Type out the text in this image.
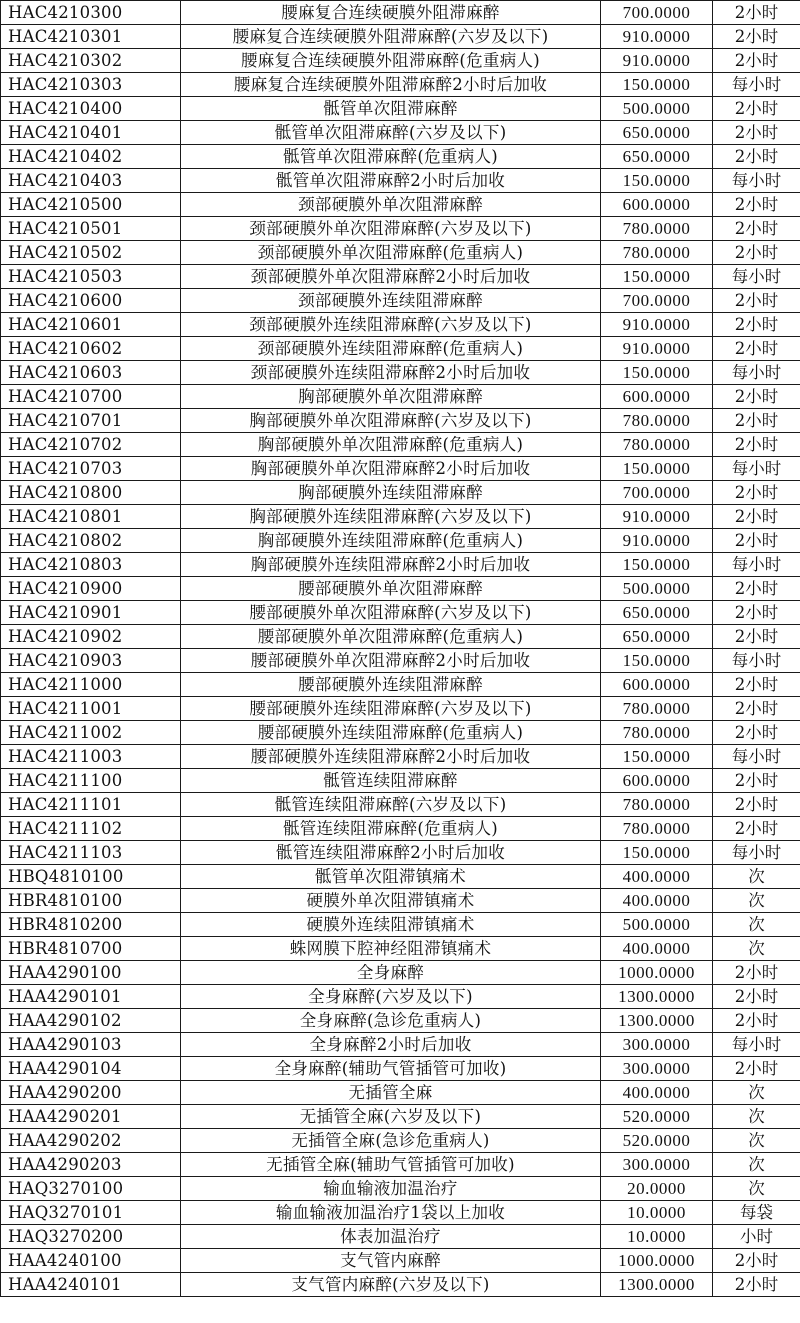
HAC4210300	腰麻复合连续硬膜外阻滞麻醉	700.0000	2小时
HAC4210301	腰麻复合连续硬膜外阻滞麻醉(六岁及以下)	910.0000	2小时
HAC4210302	腰麻复合连续硬膜外阻滞麻醉(危重病人)	910.0000	2小时
HAC4210303	腰麻复合连续硬膜外阻滞麻醉2小时后加收	150.0000	每小时
HAC4210400	骶管单次阻滞麻醉	500.0000	2小时
HAC4210401	骶管单次阻滞麻醉(六岁及以下)	650.0000	2小时
HAC4210402	骶管单次阻滞麻醉(危重病人)	650.0000	2小时
HAC4210403	骶管单次阻滞麻醉2小时后加收	150.0000	每小时
HAC4210500	颈部硬膜外单次阻滞麻醉	600.0000	2小时
HAC4210501	颈部硬膜外单次阻滞麻醉(六岁及以下)	780.0000	2小时
HAC4210502	颈部硬膜外单次阻滞麻醉(危重病人)	780.0000	2小时
HAC4210503	颈部硬膜外单次阻滞麻醉2小时后加收	150.0000	每小时
HAC4210600	颈部硬膜外连续阻滞麻醉	700.0000	2小时
HAC4210601	颈部硬膜外连续阻滞麻醉(六岁及以下)	910.0000	2小时
HAC4210602	颈部硬膜外连续阻滞麻醉(危重病人)	910.0000	2小时
HAC4210603	颈部硬膜外连续阻滞麻醉2小时后加收	150.0000	每小时
HAC4210700	胸部硬膜外单次阻滞麻醉	600.0000	2小时
HAC4210701	胸部硬膜外单次阻滞麻醉(六岁及以下)	780.0000	2小时
HAC4210702	胸部硬膜外单次阻滞麻醉(危重病人)	780.0000	2小时
HAC4210703	胸部硬膜外单次阻滞麻醉2小时后加收	150.0000	每小时
HAC4210800	胸部硬膜外连续阻滞麻醉	700.0000	2小时
HAC4210801	胸部硬膜外连续阻滞麻醉(六岁及以下)	910.0000	2小时
HAC4210802	胸部硬膜外连续阻滞麻醉(危重病人)	910.0000	2小时
HAC4210803	胸部硬膜外连续阻滞麻醉2小时后加收	150.0000	每小时
HAC4210900	腰部硬膜外单次阻滞麻醉	500.0000	2小时
HAC4210901	腰部硬膜外单次阻滞麻醉(六岁及以下)	650.0000	2小时
HAC4210902	腰部硬膜外单次阻滞麻醉(危重病人)	650.0000	2小时
HAC4210903	腰部硬膜外单次阻滞麻醉2小时后加收	150.0000	每小时
HAC4211000	腰部硬膜外连续阻滞麻醉	600.0000	2小时
HAC4211001	腰部硬膜外连续阻滞麻醉(六岁及以下)	780.0000	2小时
HAC4211002	腰部硬膜外连续阻滞麻醉(危重病人)	780.0000	2小时
HAC4211003	腰部硬膜外连续阻滞麻醉2小时后加收	150.0000	每小时
HAC4211100	骶管连续阻滞麻醉	600.0000	2小时
HAC4211101	骶管连续阻滞麻醉(六岁及以下)	780.0000	2小时
HAC4211102	骶管连续阻滞麻醉(危重病人)	780.0000	2小时
HAC4211103	骶管连续阻滞麻醉2小时后加收	150.0000	每小时
HBQ4810100	骶管单次阻滞镇痛术	400.0000	次
HBR4810100	硬膜外单次阻滞镇痛术	400.0000	次
HBR4810200	硬膜外连续阻滞镇痛术	500.0000	次
HBR4810700	蛛网膜下腔神经阻滞镇痛术	400.0000	次
HAA4290100	全身麻醉	1000.0000	2小时
HAA4290101	全身麻醉(六岁及以下)	1300.0000	2小时
HAA4290102	全身麻醉(急诊危重病人)	1300.0000	2小时
HAA4290103	全身麻醉2小时后加收	300.0000	每小时
HAA4290104	全身麻醉(辅助气管插管可加收)	300.0000	2小时
HAA4290200	无插管全麻	400.0000	次
HAA4290201	无插管全麻(六岁及以下)	520.0000	次
HAA4290202	无插管全麻(急诊危重病人)	520.0000	次
HAA4290203	无插管全麻(辅助气管插管可加收)	300.0000	次
HAQ3270100	输血输液加温治疗	20.0000	次
HAQ3270101	输血输液加温治疗1袋以上加收	10.0000	每袋
HAQ3270200	体表加温治疗	10.0000	小时
HAA4240100	支气管内麻醉	1000.0000	2小时
HAA4240101	支气管内麻醉(六岁及以下)	1300.0000	2小时
